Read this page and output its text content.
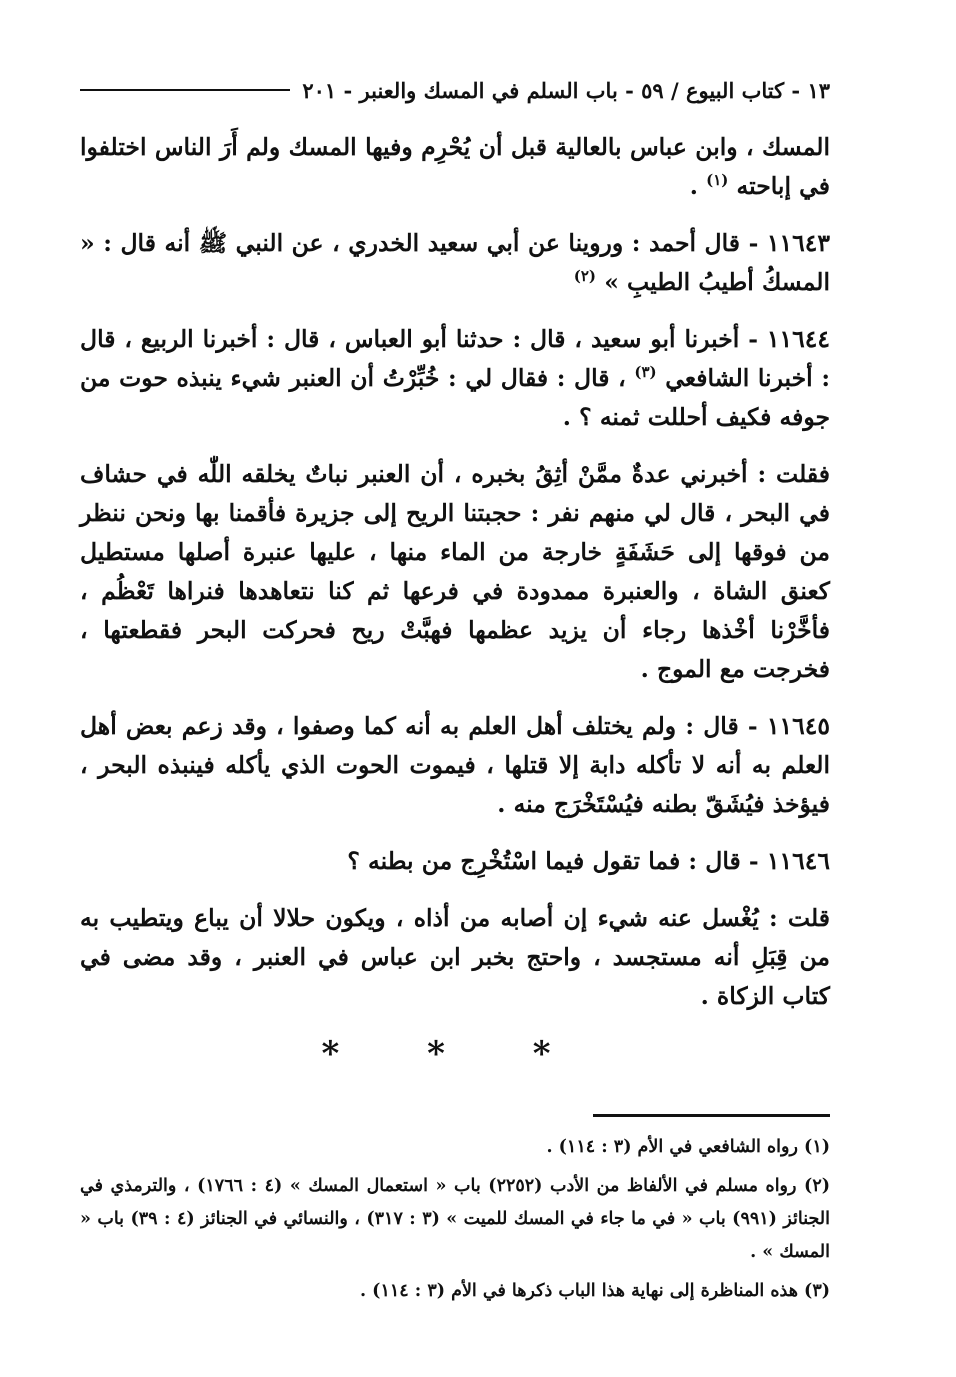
١٣ - كتاب البيوع / ٥٩ - باب السلم في المسك والعنبر - ٢٠١

المسك ، وابن عباس بالعالية قبل أن يُحْرِم وفيها المسك ولم أَرَ الناس اختلفوا في إباحته $^{(١)}$ .

١١٦٤٣ - قال أحمد : وروينا عن أبي سعيد الخدري ، عن النبي ﷺ أنه قال : « المسكُ أطيبُ الطيبِ » $^{(٢)}$

١١٦٤٤ - أخبرنا أبو سعيد ، قال : حدثنا أبو العباس ، قال : أخبرنا الربيع ، قال : أخبرنا الشافعي $^{(٣)}$ ، قال : فقال لي : خُبِّرْتُ أن العنبر شيء ينبذه حوت من جوفه فكيف أحللت ثمنه ؟ .

فقلت : أخبرني عدةٌ ممَّنْ أثِقُ بخبره ، أن العنبر نباتٌ يخلقه اللّٰه في حشاف في البحر ، قال لي منهم نفر : حجبتنا الريح إلى جزيرة فأقمنا بها ونحن ننظر من فوقها إلى حَشَفَةٍ خارجة من الماء منها ، عليها عنبرة أصلها مستطيل كعنق الشاة ، والعنبرة ممدودة في فرعها ثم كنا نتعاهدها فنراها تَعْظُم ، فأخَّرْنا أخْذها رجاء أن يزيد عظمها فهبَّتْ ريح فحركت البحر فقطعتها ، فخرجت مع الموج .

١١٦٤٥ - قال : ولم يختلف أهل العلم به أنه كما وصفوا ، وقد زعم بعض أهل العلم به أنه لا تأكله دابة إلا قتلها ، فيموت الحوت الذي يأكله فينبذه البحر ، فيؤخذ فيُشَقّ بطنه فيُسْتَخْرَج منه .

١١٦٤٦ - قال : فما تقول فيما اسْتُخْرِج من بطنه ؟

قلت : يُغْسل عنه شيء إن أصابه من أذاه ، ويكون حلالا أن يباع ويتطيب به من قِبَلِ أنه مستجسد ، واحتج بخبر ابن عباس في العنبر ، وقد مضى في كتاب الزكاة .

* * *

(١) رواه الشافعي في الأم (٣ : ١١٤) .

(٢) رواه مسلم في الألفاظ من الأدب (٢٢٥٢) باب « استعمال المسك » (٤ : ١٧٦٦) ، والترمذي في الجنائز (٩٩١) باب « في ما جاء في المسك للميت » (٣ : ٣١٧) ، والنسائي في الجنائز (٤ : ٣٩) باب « المسك » .

(٣) هذه المناظرة إلى نهاية هذا الباب ذكرها في الأم (٣ : ١١٤) .
